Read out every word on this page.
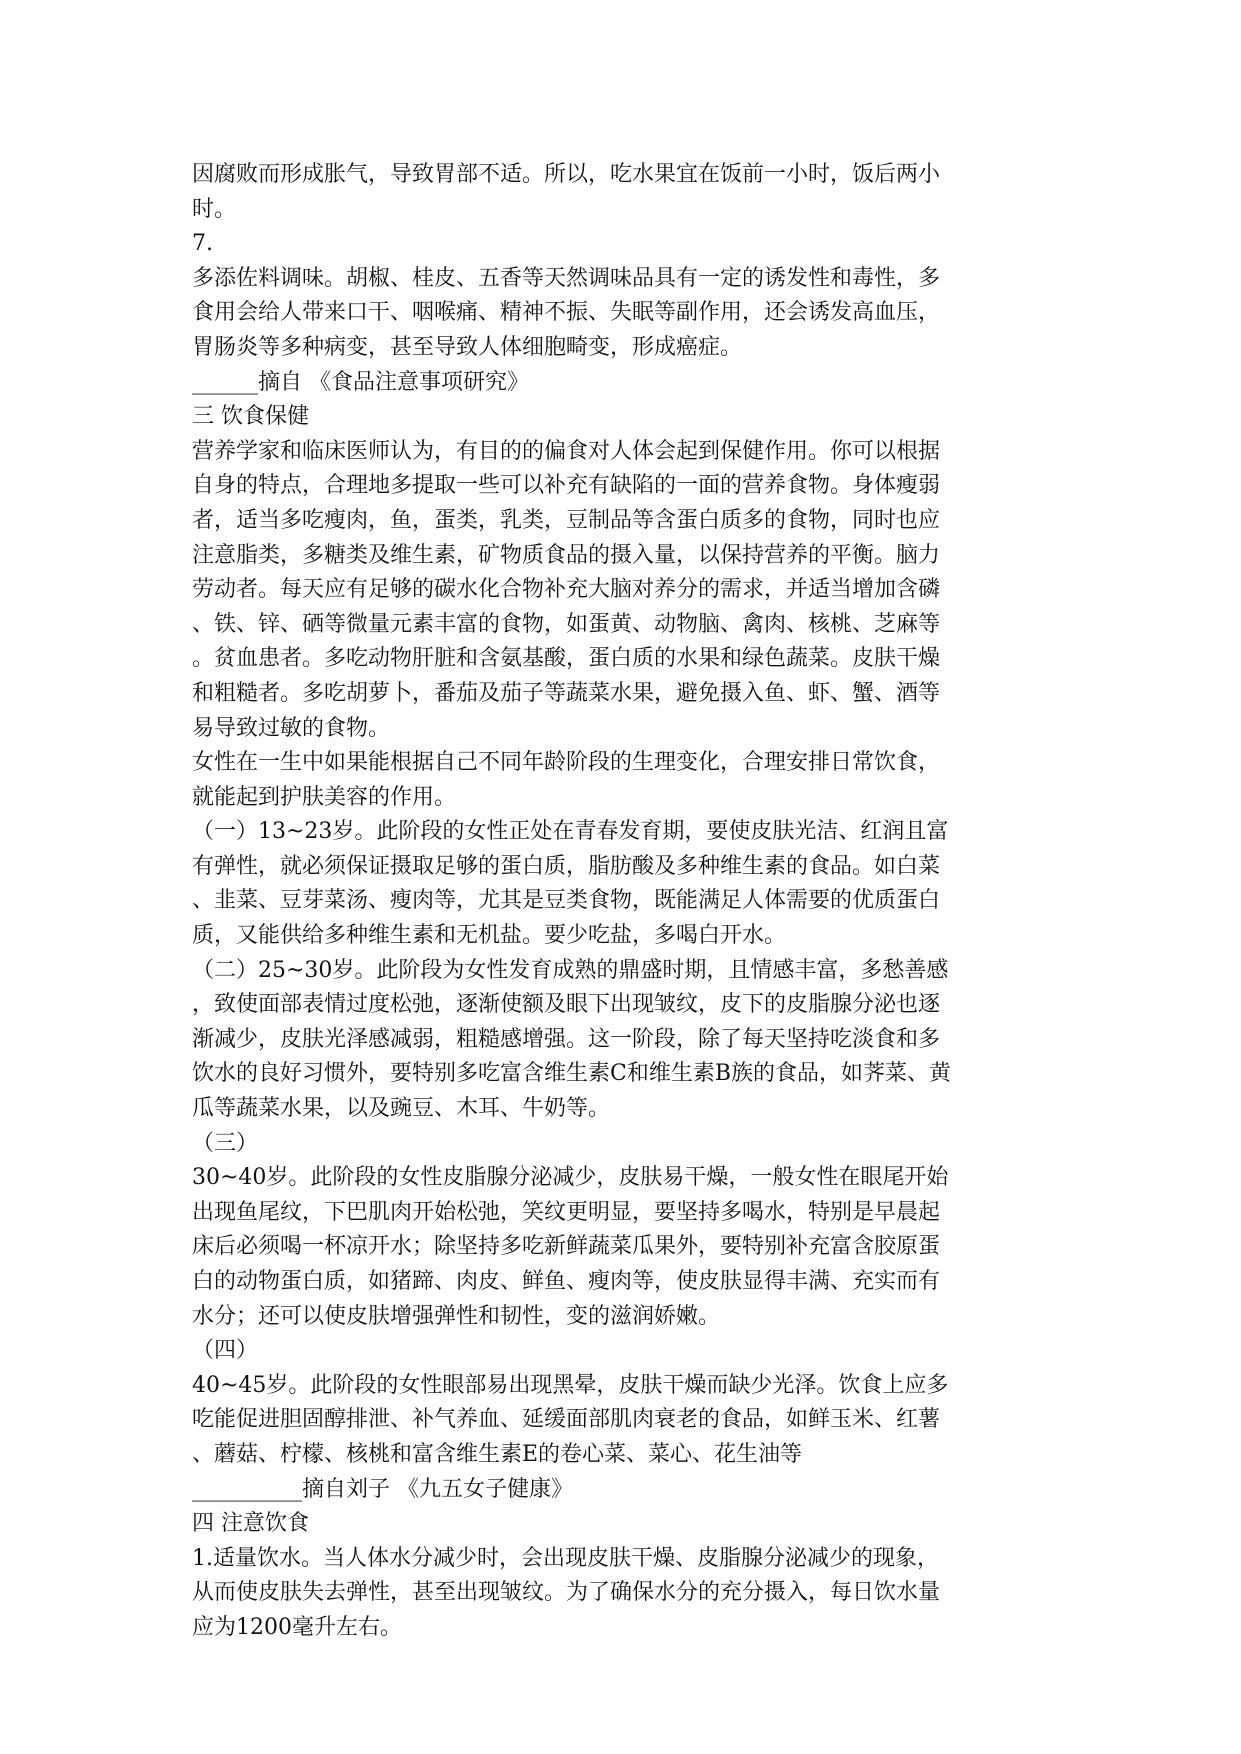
因腐败而形成胀气，导致胃部不适。所以，吃水果宜在饭前一小时，饭后两小
时。
7.
多添佐料调味。胡椒、桂皮、五香等天然调味品具有一定的诱发性和毒性，多
食用会给人带来口干、咽喉痛、精神不振、失眠等副作用，还会诱发高血压，
胃肠炎等多种病变，甚至导致人体细胞畸变，形成癌症。
______摘自 《食品注意事项研究》
三 饮食保健
营养学家和临床医师认为，有目的的偏食对人体会起到保健作用。你可以根据
自身的特点，合理地多提取一些可以补充有缺陷的一面的营养食物。身体瘦弱
者，适当多吃瘦肉，鱼，蛋类，乳类，豆制品等含蛋白质多的食物，同时也应
注意脂类，多糖类及维生素，矿物质食品的摄入量，以保持营养的平衡。脑力
劳动者。每天应有足够的碳水化合物补充大脑对养分的需求，并适当增加含磷
、铁、锌、硒等微量元素丰富的食物，如蛋黄、动物脑、禽肉、核桃、芝麻等
。贫血患者。多吃动物肝脏和含氨基酸，蛋白质的水果和绿色蔬菜。皮肤干燥
和粗糙者。多吃胡萝卜，番茄及茄子等蔬菜水果，避免摄入鱼、虾、蟹、酒等
易导致过敏的食物。
女性在一生中如果能根据自己不同年龄阶段的生理变化，合理安排日常饮食，
就能起到护肤美容的作用。
（一）13~23岁。此阶段的女性正处在青春发育期，要使皮肤光洁、红润且富
有弹性，就必须保证摄取足够的蛋白质，脂肪酸及多种维生素的食品。如白菜
、韭菜、豆芽菜汤、瘦肉等，尤其是豆类食物，既能满足人体需要的优质蛋白
质，又能供给多种维生素和无机盐。要少吃盐，多喝白开水。
（二）25~30岁。此阶段为女性发育成熟的鼎盛时期，且情感丰富，多愁善感
，致使面部表情过度松弛，逐渐使额及眼下出现皱纹，皮下的皮脂腺分泌也逐
渐减少，皮肤光泽感减弱，粗糙感增强。这一阶段，除了每天坚持吃淡食和多
饮水的良好习惯外，要特别多吃富含维生素C和维生素B族的食品，如荠菜、黄
瓜等蔬菜水果，以及豌豆、木耳、牛奶等。
（三）
30~40岁。此阶段的女性皮脂腺分泌减少，皮肤易干燥，一般女性在眼尾开始
出现鱼尾纹，下巴肌肉开始松弛，笑纹更明显，要坚持多喝水，特别是早晨起
床后必须喝一杯凉开水；除坚持多吃新鲜蔬菜瓜果外，要特别补充富含胶原蛋
白的动物蛋白质，如猪蹄、肉皮、鲜鱼、瘦肉等，使皮肤显得丰满、充实而有
水分；还可以使皮肤增强弹性和韧性，变的滋润娇嫩。
（四）
40~45岁。此阶段的女性眼部易出现黑晕，皮肤干燥而缺少光泽。饮食上应多
吃能促进胆固醇排泄、补气养血、延缓面部肌肉衰老的食品，如鲜玉米、红薯
、蘑菇、柠檬、核桃和富含维生素E的卷心菜、菜心、花生油等
__________摘自刘子 《九五女子健康》
四 注意饮食
1.适量饮水。当人体水分减少时，会出现皮肤干燥、皮脂腺分泌减少的现象，
从而使皮肤失去弹性，甚至出现皱纹。为了确保水分的充分摄入，每日饮水量
应为1200毫升左右。
